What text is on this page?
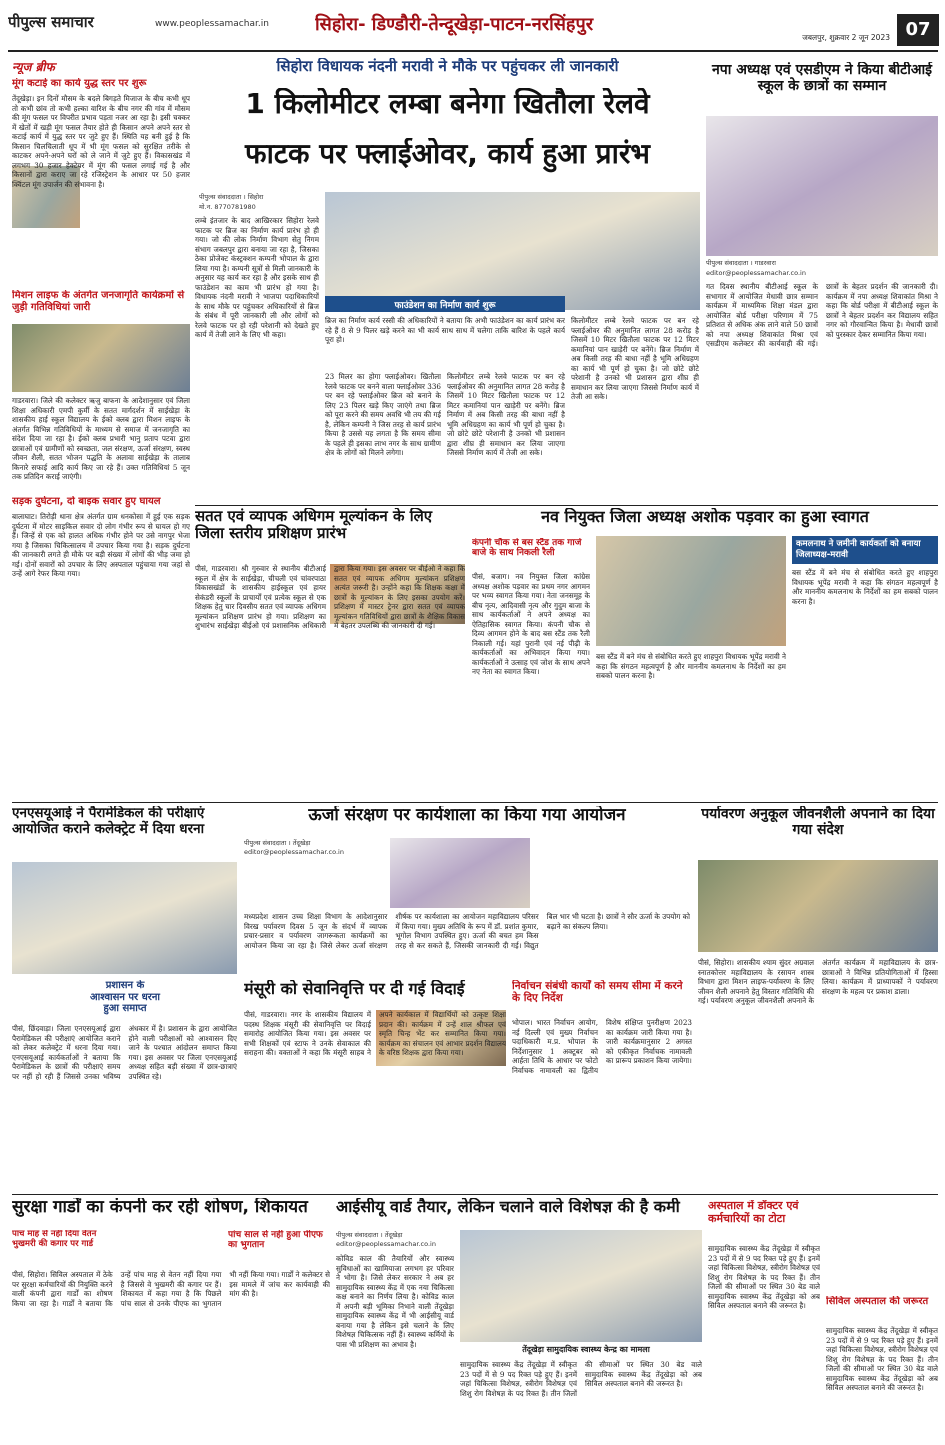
पीपुल्स समाचार	www.peoplessamachar.in	सिहोरा- डिण्डौरी-तेन्दूखेड़ा-पाटन-नरसिंहपुर
जबलपुर, शुक्रवार 2 जून 2023 07
न्यूज ब्रीफ
मूंग कटाई का कार्य युद्ध स्तर पर शुरू

तेंदूखेड़ा। इन दिनों मौसम के बदले बिगड़ते मिजाज के बीच कभी धूप तो कभी छांव तो कभी हल्का वारिश के बीच नगर की गांव में मौसम की मूंग फसल पर विपरीत प्रभाव पड़ता नजर आ रहा है। इसी चक्कर में खेतों में खड़ी मूंग फसल तैयार होते ही किसान अपने अपने स्तर से कटाई कार्य में युद्ध स्तर पर जुटे हुए हैं। स्थिति यह बनी हुई है कि किसान चिलचिलाती धूप में भी मूंग फसल को सुरक्षित तरीके से काटकर अपने-अपने घरों को ले जाने में जुटे हुए हैं। विकासखंड में लगभग 30 हजार हेक्टेयर में मूंग की फसल लगाई गई है और किसानों द्वारा कराए जा रहे रजिस्ट्रेशन के आधार पर 50 हजार क्विंटल मूंग उपार्जन की संभावना है।

मिशन लाइफ के अंतर्गत जनजागृति कार्यक्रमों से जुड़ी गतिविधियां जारी

गाडरवारा। जिले की कलेक्टर ऋजु बाफना के आदेशानुसार एवं जिला शिक्षा अधिकारी एमपी कुर्मी के सतत मार्गदर्शन में साईखेड़ा के शासकीय हाई स्कूल विद्यालय के ईको क्लब द्वारा मिशन लाइफ के अंतर्गत विभिन्न गतिविधियों के माध्यम से समाज में जनजागृति का संदेश दिया जा रहा है। ईको क्लब प्रभारी भानु प्रताप पटवा द्वारा छात्राओं एवं ग्रामीणों को स्वच्छता, जल संरक्षण, ऊर्जा संरक्षण, स्वस्थ जीवन शैली, सतत भोजन पद्धति के अलावा साईखेड़ा के तालाब किनारे सफाई आदि कार्य किए जा रहे हैं। उक्त गतिविधियां 5 जून तक प्रतिदिन कराई जाएंगी।

सड़क दुर्घटना, दो बाइक सवार हुए घायल

बालाघाट। तिरोड़ी थाना क्षेत्र अंतर्गत ग्राम धनकोसा में हुई एक सड़क दुर्घटना में मोटर साइकिल सवार दो लोग गंभीर रूप से घायल हो गए हैं। जिन्हें से एक को हालत अधिक गंभीर होने पर उसे नागपुर भेजा गया है जिसका चिकित्सालय में उपचार किया गया है। सड़क दुर्घटना की जानकारी लगते ही मौके पर बड़ी संख्या में लोगों की भीड़ जमा हो गई। दोनों सवारों को उपचार के लिए अस्पताल पहुंचाया गया जहां से उन्हें आगे रेफर किया गया।

सिहोरा विधायक नंदनी मरावी ने मौके पर पहुंचकर ली जानकारी
1 किलोमीटर लम्बा बनेगा खितौला रेलवे
फाटक पर फ्लाईओवर, कार्य हुआ प्रारंभ
पीपुल्स संवाददाता । सिहोरा
मो.न. 8770781980
फाउंडेशन का निर्माण कार्य शुरू

ब्रिज का निर्माण कार्य रस्सी की अधिकारियों ने बताया कि अभी फाउंडेशन का कार्य प्रारंभ कर रहे हैं 8 से 9 पिलर खड़े करने का भी कार्य साथ साथ में चलेगा ताकि बारिश के पहले कार्य पूरा हो।

लम्बे इंतजार के बाद आखिरकार सिहोरा रेलवे फाटक पर ब्रिज का निर्माण कार्य प्रारंभ हो ही गया। जो की लोक निर्माण विभाग सेतु निगम संभाग जबलपुर द्वारा बनाया जा रहा है, जिसका ठेका प्रोजेक्ट कंस्ट्रक्शन कम्पनी भोपाल के द्वारा लिया गया है। कम्पनी सूत्रों से मिली जानकारी के अनुसार यह कार्य कर रहा है और इसके साथ ही फाउंडेशन का काम भी प्रारंभ हो गया है। विधायक नंदनी मरावी ने भाजपा पदाधिकारियों के साथ मौके पर पहुंचकर अधिकारियों से ब्रिज के संबंध में पूरी जानकारी ली और लोगों को रेलवे फाटक पर हो रही परेशानी को देखते हुए कार्य में तेजी लाने के लिए भी कहा।

23 मिलर का होगा फ्लाईओवर। खितौला रेलवे फाटक पर बनने वाला फ्लाईओवर 336 पर बन रहे फ्लाईओवर ब्रिज को बनाने के लिए 23 पिलर खड़े किए जाएंगे तथा ब्रिज को पूरा करने की समय अवधि भी तय की गई है, लेकिन कम्पनी ने जिस तरह से कार्य प्रारंभ किया है उससे यह लगता है कि समय सीमा के पहले ही इसका लाभ नगर के साथ ग्रामीण क्षेत्र के लोगों को मिलने लगेगा।

किलोमीटर लम्बे रेलवे फाटक पर बन रहे फ्लाईओवर की अनुमानित लागत 28 करोड़ है जिसमें 10 मिटर खितौला फाटक पर 12 मिटर कमानियां पान खाड़ेरी पर बनेंगे। ब्रिज निर्माण में अब किसी तरह की बाधा नहीं है भूमि अधिग्रहण का कार्य भी पूर्ण हो चुका है। जो छोटे छोटे परेशानी है उनको भी प्रशासन द्वारा शीघ्र ही समाधान कर लिया जाएगा जिससे निर्माण कार्य में तेजी आ सके।

किलोमीटर लम्बे रेलवे फाटक पर बन रहे फ्लाईओवर की अनुमानित लागत 28 करोड़ है जिसमें 10 मिटर खितौला फाटक पर 12 मिटर कमानियां पान खाड़ेरी पर बनेंगे। ब्रिज निर्माण में अब किसी तरह की बाधा नहीं है भूमि अधिग्रहण का कार्य भी पूर्ण हो चुका है। जो छोटे छोटे परेशानी है उनको भी प्रशासन द्वारा शीघ्र ही समाधान कर लिया जाएगा जिससे निर्माण कार्य में तेजी आ सके।
नपा अध्यक्ष एवं एसडीएम ने किया बीटीआई स्कूल के छात्रों का सम्मान
पीपुल्स संवाददाता । गाडरवारा
editor@peoplessamachar.co.in

गत दिवस स्थानीय बीटीआई स्कूल के सभागार में आयोजित मेधावी छात्र सम्मान कार्यक्रम में माध्यमिक शिक्षा मंडल द्वारा आयोजित बोर्ड परीक्षा परिणाम में 75 प्रतिशत से अधिक अंक लाने वाले 50 छात्रों को नपा अध्यक्ष शिवाकांत मिश्रा एवं एसडीएम कलेक्टर की कार्यवाही की गई। छात्रों के बेहतर प्रदर्शन की जानकारी दी। कार्यक्रम में नपा अध्यक्ष शिवाकांत मिश्रा ने कहा कि बोर्ड परीक्षा में बीटीआई स्कूल के छात्रों ने बेहतर प्रदर्शन कर विद्यालय सहित नगर को गौरवान्वित किया है। मेधावी छात्रों को पुरस्कार देकर सम्मानित किया गया।

सतत एवं व्यापक अधिगम मूल्यांकन के लिए जिला स्तरीय प्रशिक्षण प्रारंभ

पीसं, गाडरवारा। श्री गुरुवार से स्थानीय बीटीआई स्कूल में क्षेत्र के साईखेड़ा, चीचली एवं चांवरपाठा विकासखंडों के शासकीय हाईस्कूल एवं हायर सेकंडरी स्कूलों के प्राचार्यों एवं प्रत्येक स्कूल से एक शिक्षक हेतु चार दिवसीय सतत एवं व्यापक अधिगम मूल्यांकन प्रशिक्षण प्रारंभ हो गया। प्रशिक्षण का शुभारंभ साईखेड़ा बीईओ एवं प्रशासनिक अधिकारी द्वारा किया गया। इस अवसर पर बीईओ ने कहा कि सतत एवं व्यापक अधिगम मूल्यांकन प्रशिक्षण अत्यंत जरूरी है। उन्होंने कहा कि शिक्षक कक्षा में छात्रों के मूल्यांकन के लिए इसका उपयोग करें। प्रशिक्षण में मास्टर ट्रेनर द्वारा सतत एवं व्यापक मूल्यांकन गतिविधियों द्वारा छात्रों के शैक्षिक विकास में बेहतर उपलब्धि की जानकारी दी गई।

नव नियुक्त जिला अध्यक्ष अशोक पड़वार का हुआ स्वागत
कंपनी चौक से बस स्टैंड तक गाजे बाजे के साथ निकली रैली

पीसं, बजाग। नव नियुक्त जिला कांग्रेस अध्यक्ष अशोक पड़वार का प्रथम नगर आगमन पर भव्य स्वागत किया गया। नेता जनसमूह के बीच नृत्य, आदिवासी नृत्य और गुदुम बाजा के साथ कार्यकर्ताओं ने अपने अध्यक्ष का ऐतिहासिक स्वागत किया। कंपनी चौक से दिव्य आगमन होने के बाद बस स्टैंड तक रैली निकाली गई। यहां पुरानी एवं नई पीढ़ी के कार्यकर्ताओं का अभिवादन किया गया। कार्यकर्ताओं ने उत्साह एवं जोश के साथ अपने नए नेता का स्वागत किया।

कमलनाथ ने जमीनी कार्यकर्ता को बनाया जिलाध्यक्ष-मरावी

बस स्टैंड में बने मंच से संबोधित करते हुए शाहपुरा विधायक भूपेंद्र मरावी ने कहा कि संगठन महत्वपूर्ण है और माननीय कमलनाथ के निर्देशों का हम सबको पालन करना है।

बस स्टैंड में बने मंच से संबोधित करते हुए शाहपुरा विधायक भूपेंद्र मरावी ने कहा कि संगठन महत्वपूर्ण है और माननीय कमलनाथ के निर्देशों का हम सबको पालन करना है।

एनएसयूआई ने पैरामेडिकल की परीक्षाएं आयोजित कराने कलेक्ट्रेट में दिया धरना
प्रशासन के आश्वासन पर धरना हुआ समाप्त

पीसं, छिंदवाड़ा। जिला एनएसयूआई द्वारा पैरामेडिकल की परीक्षाएं आयोजित कराने को लेकर कलेक्ट्रेट में धरना दिया गया। एनएसयूआई कार्यकर्ताओं ने बताया कि पैरामेडिकल के छात्रों की परीक्षाएं समय पर नहीं हो रही हैं जिससे उनका भविष्य अंधकार में है। प्रशासन के द्वारा आयोजित होने वाली परीक्षाओं को आश्वासन दिए जाने के पश्चात आंदोलन समाप्त किया गया। इस अवसर पर जिला एनएसयूआई अध्यक्ष सहित बड़ी संख्या में छात्र-छात्राएं उपस्थित रहे।

ऊर्जा संरक्षण पर कार्यशाला का किया गया आयोजन
पीपुल्स संवाददाता । तेंदूखेड़ा
editor@peoplessamachar.co.in

मध्यप्रदेश शासन उच्च शिक्षा विभाग के आदेशानुसार विरख पर्यावरण दिवस 5 जून के संदर्भ में व्यापक प्रचार-प्रसार व पर्यावरण जागरूकता कार्यक्रमों का आयोजन किया जा रहा है। जिसे लेकर ऊर्जा संरक्षण शीर्षक पर कार्यशाला का आयोजन महाविद्यालय परिसर में किया गया। मुख्य अतिथि के रूप में डॉ. प्रशांत कुमार, भूगोल विभाग उपस्थित हुए। ऊर्जा की बचत हम किस तरह से कर सकते हैं, जिसकी जानकारी दी गई। विद्युत बिल भार भी घटता है। छात्रों ने सौर ऊर्जा के उपयोग को बढ़ाने का संकल्प लिया।

पर्यावरण अनुकूल जीवनशैली अपनाने का दिया गया संदेश

पीसं, सिहोरा। शासकीय श्याम सुंदर अग्रवाल स्नातकोत्तर महाविद्यालय के रसायन शास्त्र विभाग द्वारा मिशन लाइफ-पर्यावरण के लिए जीवन शैली अपनाने हेतु विस्तार गतिविधि की गई। पर्यावरण अनुकूल जीवनशैली अपनाने के अंतर्गत कार्यक्रम में महाविद्यालय के छात्र-छात्राओं ने विभिन्न प्रतियोगिताओं में हिस्सा लिया। कार्यक्रम में प्राध्यापकों ने पर्यावरण संरक्षण के महत्व पर प्रकाश डाला।

मंसूरी को सेवानिवृत्ति पर दी गई विदाई

पीसं, गाडरवारा। नगर के शासकीय विद्यालय में पदस्थ शिक्षक मंसूरी की सेवानिवृत्ति पर विदाई समारोह आयोजित किया गया। इस अवसर पर सभी शिक्षकों एवं स्टाफ ने उनके सेवाकाल की सराहना की। वक्ताओं ने कहा कि मंसूरी साहब ने अपने कार्यकाल में विद्यार्थियों को उत्कृष्ट शिक्षा प्रदान की। कार्यक्रम में उन्हें शाल श्रीफल एवं स्मृति चिन्ह भेंट कर सम्मानित किया गया। कार्यक्रम का संचालन एवं आभार प्रदर्शन विद्यालय के वरिष्ठ शिक्षक द्वारा किया गया।

निर्वाचन संबंधी कार्यों को समय सीमा में करने के दिए निर्देश

भोपाल। भारत निर्वाचन आयोग, नई दिल्ली एवं मुख्य निर्वाचन पदाधिकारी म.प्र. भोपाल के निर्देशानुसार 1 अक्टूबर को आर्हता तिथि के आधार पर फोटो निर्वाचक नामावली का द्वितीय विशेष संक्षिप्त पुनरीक्षण 2023 का कार्यक्रम जारी किया गया है। जारी कार्यक्रमानुसार 2 अगस्त को एकीकृत निर्वाचक नामावली का प्रारूप प्रकाशन किया जायेगा।

सुरक्षा गार्डों का कंपनी कर रही शोषण, शिकायत
पांच माह से नहीं दिया वेतन भुखमरी की कगार पर गार्ड
पांच साल से नहीं हुआ पीएफ का भुगतान

पीसं, सिहोरा। सिविल अस्पताल में ठेके पर सुरक्षा कर्मचारियों की नियुक्ति करने वाली कंपनी द्वारा गार्डों का शोषण किया जा रहा है। गार्डों ने बताया कि उन्हें पांच माह से वेतन नहीं दिया गया है जिससे वे भुखमरी की कगार पर हैं। शिकायत में कहा गया है कि पिछले पांच साल से उनके पीएफ का भुगतान भी नहीं किया गया। गार्डों ने कलेक्टर से इस मामले में जांच कर कार्यवाही की मांग की है।

आईसीयू वार्ड तैयार, लेकिन चलाने वाले विशेषज्ञ की है कमी
पीपुल्स संवाददाता । तेंदूखेड़ा
editor@peoplessamachar.co.in
तेंदूखेड़ा सामुदायिक स्वास्थ्य केन्द्र का मामला

कोविड काल की तैयारियों और स्वास्थ्य सुविधाओं का खामियाजा लगभग हर परिवार ने भोगा है। जिसे लेकर सरकार ने अब हर सामुदायिक स्वास्थ्य केंद्र में एक नया चिकित्सा कक्ष बनाने का निर्णय लिया है। कोविड काल में अपनी बड़ी भूमिका निभाने वाली तेंदूखेड़ा सामुदायिक स्वास्थ्य केंद्र में भी आईसीयू वार्ड बनाया गया है लेकिन इसे चलाने के लिए विशेषज्ञ चिकित्सक नहीं हैं। स्वास्थ्य कर्मियों के पास भी प्रशिक्षण का अभाव है।

सामुदायिक स्वास्थ्य केंद्र तेंदूखेड़ा में स्वीकृत 23 पदों में से 9 पद रिक्त पड़े हुए हैं। इनमें जहां चिकित्सा विशेषज्ञ, स्त्रीरोग विशेषज्ञ एवं शिशु रोग विशेषज्ञ के पद रिक्त हैं। तीन जिलों की सीमाओं पर स्थित 30 बेड वाले सामुदायिक स्वास्थ्य केंद्र तेंदूखेड़ा को अब सिविल अस्पताल बनाने की जरूरत है।

अस्पताल में डॉक्टर एवं कर्मचारियों का टोटा
सिविल अस्पताल की जरूरत

सामुदायिक स्वास्थ्य केंद्र तेंदूखेड़ा में स्वीकृत 23 पदों में से 9 पद रिक्त पड़े हुए हैं। इनमें जहां चिकित्सा विशेषज्ञ, स्त्रीरोग विशेषज्ञ एवं शिशु रोग विशेषज्ञ के पद रिक्त हैं। तीन जिलों की सीमाओं पर स्थित 30 बेड वाले सामुदायिक स्वास्थ्य केंद्र तेंदूखेड़ा को अब सिविल अस्पताल बनाने की जरूरत है।

सामुदायिक स्वास्थ्य केंद्र तेंदूखेड़ा में स्वीकृत 23 पदों में से 9 पद रिक्त पड़े हुए हैं। इनमें जहां चिकित्सा विशेषज्ञ, स्त्रीरोग विशेषज्ञ एवं शिशु रोग विशेषज्ञ के पद रिक्त हैं। तीन जिलों की सीमाओं पर स्थित 30 बेड वाले सामुदायिक स्वास्थ्य केंद्र तेंदूखेड़ा को अब सिविल अस्पताल बनाने की जरूरत है।
